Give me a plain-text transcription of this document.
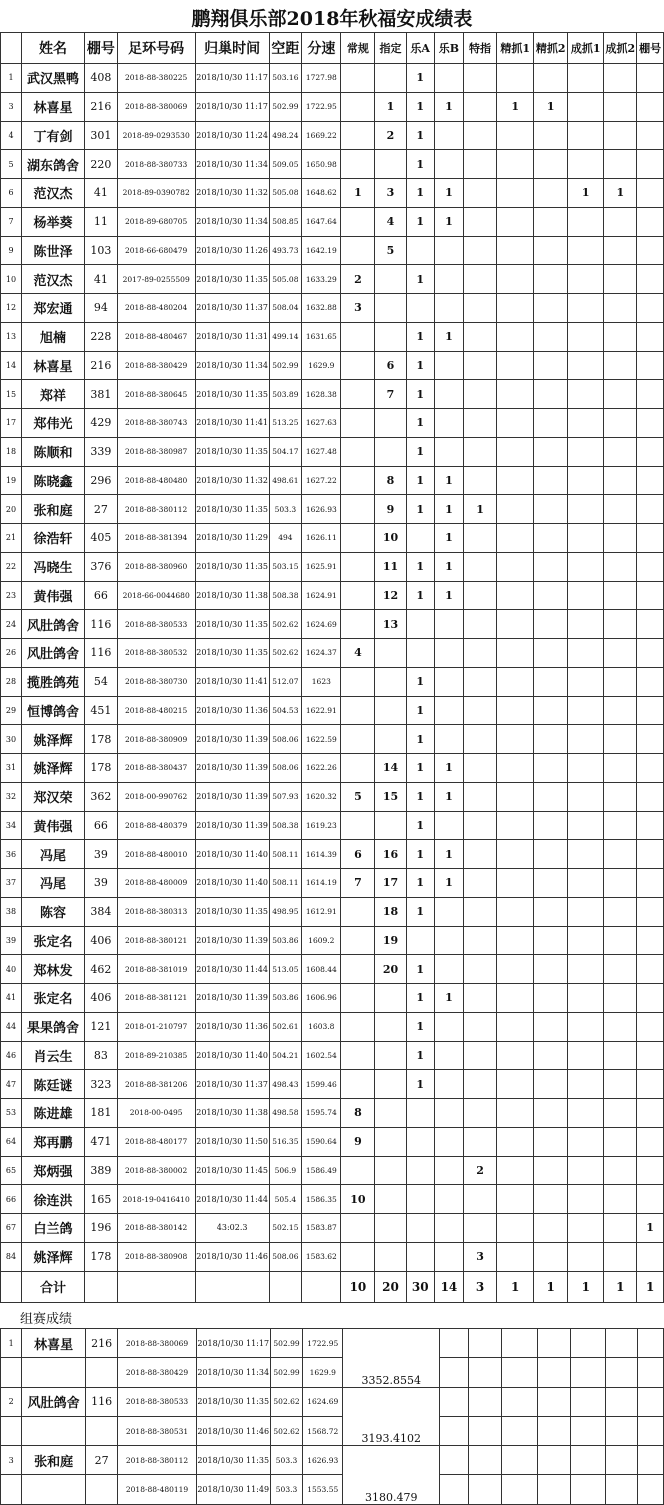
鹏翔俱乐部2018年秋福安成绩表
	姓名	棚号	足环号码	归巢时间	空距	分速	常规	指定	乐A	乐B	特指	精抓1	精抓2	成抓1	成抓2	棚号
1	武汉黑鸭	408	2018-88-380225	2018/10/30 11:17	503.16	1727.98			1							
3	林喜星	216	2018-88-380069	2018/10/30 11:17	502.99	1722.95		1	1	1		1	1			
4	丁有剑	301	2018-89-0293530	2018/10/30 11:24	498.24	1669.22		2	1							
5	湖东鸽舍	220	2018-88-380733	2018/10/30 11:34	509.05	1650.98			1							
6	范汉杰	41	2018-89-0390782	2018/10/30 11:32	505.08	1648.62	1	3	1	1				1	1	
7	杨举葵	11	2018-89-680705	2018/10/30 11:34	508.85	1647.64		4	1	1						
9	陈世泽	103	2018-66-680479	2018/10/30 11:26	493.73	1642.19		5								
10	范汉杰	41	2017-89-0255509	2018/10/30 11:35	505.08	1633.29	2		1							
12	郑宏通	94	2018-88-480204	2018/10/30 11:37	508.04	1632.88	3									
13	旭楠	228	2018-88-480467	2018/10/30 11:31	499.14	1631.65			1	1						
14	林喜星	216	2018-88-380429	2018/10/30 11:34	502.99	1629.9		6	1							
15	郑祥	381	2018-88-380645	2018/10/30 11:35	503.89	1628.38		7	1							
17	郑伟光	429	2018-88-380743	2018/10/30 11:41	513.25	1627.63			1							
18	陈顺和	339	2018-88-380987	2018/10/30 11:35	504.17	1627.48			1							
19	陈晓鑫	296	2018-88-480480	2018/10/30 11:32	498.61	1627.22		8	1	1						
20	张和庭	27	2018-88-380112	2018/10/30 11:35	503.3	1626.93		9	1	1	1					
21	徐浩轩	405	2018-88-381394	2018/10/30 11:29	494	1626.11		10		1						
22	冯晓生	376	2018-88-380960	2018/10/30 11:35	503.15	1625.91		11	1	1						
23	黄伟强	66	2018-66-0044680	2018/10/30 11:38	508.38	1624.91		12	1	1						
24	风肚鸽舍	116	2018-88-380533	2018/10/30 11:35	502.62	1624.69		13								
26	风肚鸽舍	116	2018-88-380532	2018/10/30 11:35	502.62	1624.37	4									
28	揽胜鸽苑	54	2018-88-380730	2018/10/30 11:41	512.07	1623			1							
29	恒博鸽舍	451	2018-88-480215	2018/10/30 11:36	504.53	1622.91			1							
30	姚泽辉	178	2018-88-380909	2018/10/30 11:39	508.06	1622.59			1							
31	姚泽辉	178	2018-88-380437	2018/10/30 11:39	508.06	1622.26		14	1	1						
32	郑汉荣	362	2018-00-990762	2018/10/30 11:39	507.93	1620.32	5	15	1	1						
34	黄伟强	66	2018-88-480379	2018/10/30 11:39	508.38	1619.23			1							
36	冯尾	39	2018-88-480010	2018/10/30 11:40	508.11	1614.39	6	16	1	1						
37	冯尾	39	2018-88-480009	2018/10/30 11:40	508.11	1614.19	7	17	1	1						
38	陈容	384	2018-88-380313	2018/10/30 11:35	498.95	1612.91		18	1							
39	张定名	406	2018-88-380121	2018/10/30 11:39	503.86	1609.2		19								
40	郑林发	462	2018-88-381019	2018/10/30 11:44	513.05	1608.44		20	1							
41	张定名	406	2018-88-381121	2018/10/30 11:39	503.86	1606.96			1	1						
44	果果鸽舍	121	2018-01-210797	2018/10/30 11:36	502.61	1603.8			1							
46	肖云生	83	2018-89-210385	2018/10/30 11:40	504.21	1602.54			1							
47	陈廷谜	323	2018-88-381206	2018/10/30 11:37	498.43	1599.46			1							
53	陈进雄	181	2018-00-0495	2018/10/30 11:38	498.58	1595.74	8									
64	郑再鹏	471	2018-88-480177	2018/10/30 11:50	516.35	1590.64	9									
65	郑炳强	389	2018-88-380002	2018/10/30 11:45	506.9	1586.49					2					
66	徐连洪	165	2018-19-0416410	2018/10/30 11:44	505.4	1586.35	10									
67	白兰鸽	196	2018-88-380142	43:02.3	502.15	1583.87										1
84	姚泽辉	178	2018-88-380908	2018/10/30 11:46	508.06	1583.62					3					
	合计						10	20	30	14	3	1	1	1	1	1
组赛成绩
1	林喜星	216	2018-88-380069	2018/10/30 11:17	502.99	1722.95	3352.8554							
			2018-88-380429	2018/10/30 11:34	502.99	1629.9								
2	风肚鸽舍	116	2018-88-380533	2018/10/30 11:35	502.62	1624.69	3193.4102							
			2018-88-380531	2018/10/30 11:46	502.62	1568.72								
3	张和庭	27	2018-88-380112	2018/10/30 11:35	503.3	1626.93	3180.479							
			2018-88-480119	2018/10/30 11:49	503.3	1553.55								
